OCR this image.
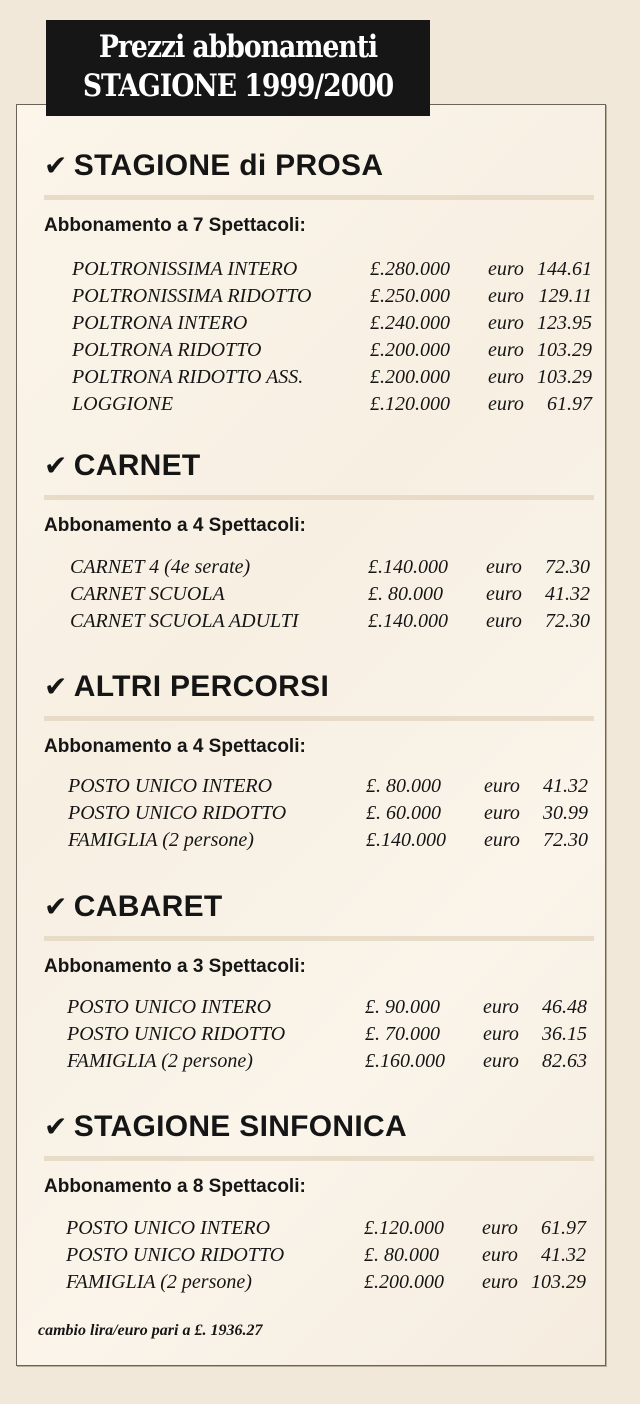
Prezzi abbonamenti
STAGIONE 1999/2000
✔ STAGIONE di PROSA
Abbonamento a 7 Spettacoli:
POLTRONISSIMA INTERO	£.280.000 euro 144.61
POLTRONISSIMA RIDOTTO	£.250.000 euro 129.11
POLTRONA INTERO	£.240.000 euro 123.95
POLTRONA RIDOTTO	£.200.000 euro 103.29
POLTRONA RIDOTTO ASS.	£.200.000 euro 103.29
LOGGIONE	£.120.000 euro	61.97
✔ CARNET
Abbonamento a 4 Spettacoli:
CARNET 4 (4e serate)	£.140.000 euro	72.30
CARNET SCUOLA	£. 80.000 euro	41.32
CARNET SCUOLA ADULTI	£.140.000 euro	72.30
✔ ALTRI PERCORSI
Abbonamento a 4 Spettacoli:
POSTO UNICO INTERO	£. 80.000 euro	41.32
POSTO UNICO RIDOTTO	£. 60.000 euro	30.99
FAMIGLIA (2 persone)	£.140.000 euro	72.30
✔ CABARET
Abbonamento a 3 Spettacoli:
POSTO UNICO INTERO	£. 90.000 euro	46.48
POSTO UNICO RIDOTTO	£. 70.000 euro	36.15
FAMIGLIA (2 persone)	£.160.000 euro	82.63
✔ STAGIONE SINFONICA
Abbonamento a 8 Spettacoli:
POSTO UNICO INTERO	£.120.000 euro	61.97
POSTO UNICO RIDOTTO	£. 80.000 euro	41.32
FAMIGLIA (2 persone)	£.200.000 euro 103.29
cambio lira/euro pari a £. 1936.27
